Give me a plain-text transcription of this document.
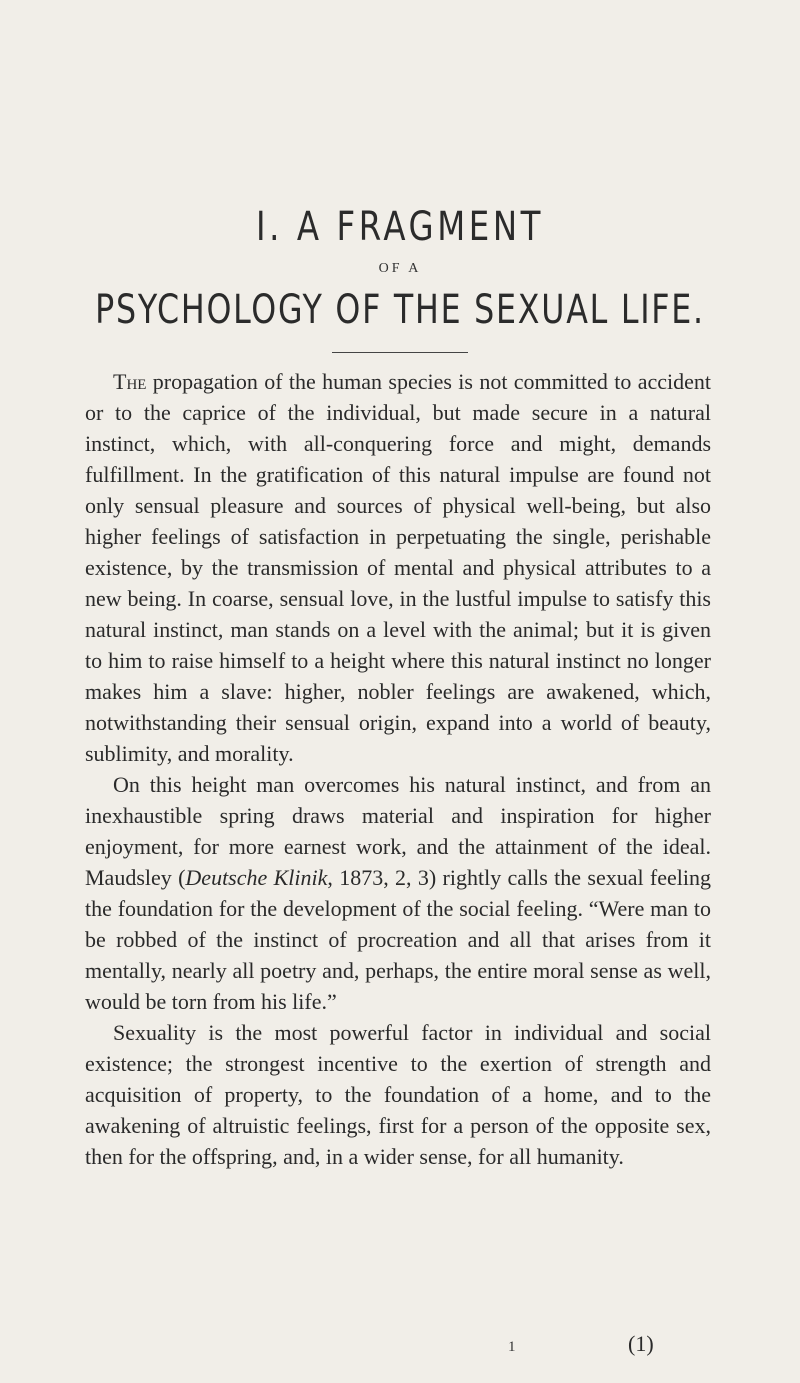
I. A FRAGMENT
OF A
PSYCHOLOGY OF THE SEXUAL LIFE.

The propagation of the human species is not committed to accident or to the caprice of the individual, but made secure in a natural instinct, which, with all-conquering force and might, demands fulfillment. In the gratification of this natural impulse are found not only sensual pleasure and sources of physical well-being, but also higher feelings of satisfaction in perpetuating the single, perishable existence, by the transmission of mental and physical attributes to a new being. In coarse, sensual love, in the lustful impulse to satisfy this natural instinct, man stands on a level with the animal; but it is given to him to raise himself to a height where this natural instinct no longer makes him a slave: higher, nobler feelings are awakened, which, notwithstanding their sensual origin, expand into a world of beauty, sublimity, and morality.

On this height man overcomes his natural instinct, and from an inexhaustible spring draws material and inspiration for higher enjoyment, for more earnest work, and the attainment of the ideal. Maudsley (Deutsche Klinik, 1873, 2, 3) rightly calls the sexual feeling the foundation for the development of the social feeling. “Were man to be robbed of the instinct of procreation and all that arises from it mentally, nearly all poetry and, perhaps, the entire moral sense as well, would be torn from his life.”

Sexuality is the most powerful factor in individual and social existence; the strongest incentive to the exertion of strength and acquisition of property, to the foundation of a home, and to the awakening of altruistic feelings, first for a person of the opposite sex, then for the offspring, and, in a wider sense, for all humanity.

1	(1)
